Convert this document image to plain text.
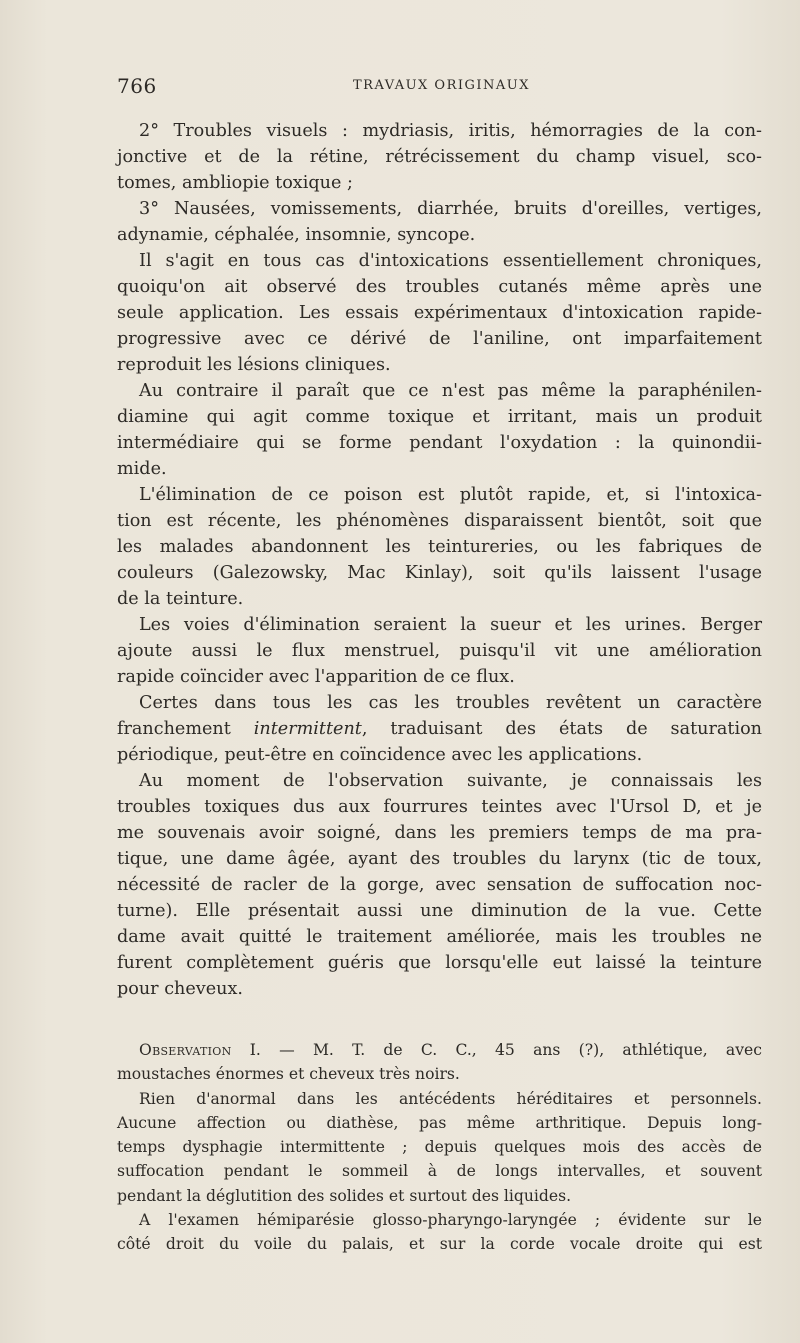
766	TRAVAUX ORIGINAUX

2° Troubles visuels : mydriasis, iritis, hémorragies de la con-
jonctive et de la rétine, rétrécissement du champ visuel, sco-
tomes, ambliopie toxique ;

3° Nausées, vomissements, diarrhée, bruits d'oreilles, vertiges,
adynamie, céphalée, insomnie, syncope.

Il s'agit en tous cas d'intoxications essentiellement chroniques,
quoiqu'on ait observé des troubles cutanés même après une
seule application. Les essais expérimentaux d'intoxication rapide-
progressive avec ce dérivé de l'aniline, ont imparfaitement
reproduit les lésions cliniques.

Au contraire il paraît que ce n'est pas même la paraphénilen-
diamine qui agit comme toxique et irritant, mais un produit
intermédiaire qui se forme pendant l'oxydation : la quinondii-
mide.

L'élimination de ce poison est plutôt rapide, et, si l'intoxica-
tion est récente, les phénomènes disparaissent bientôt, soit que
les malades abandonnent les teintureries, ou les fabriques de
couleurs (Galezowsky, Mac Kinlay), soit qu'ils laissent l'usage
de la teinture.

Les voies d'élimination seraient la sueur et les urines. Berger
ajoute aussi le flux menstruel, puisqu'il vit une amélioration
rapide coïncider avec l'apparition de ce flux.

Certes dans tous les cas les troubles revêtent un caractère
franchement intermittent, traduisant des états de saturation
périodique, peut-être en coïncidence avec les applications.

Au moment de l'observation suivante, je connaissais les
troubles toxiques dus aux fourrures teintes avec l'Ursol D, et je
me souvenais avoir soigné, dans les premiers temps de ma pra-
tique, une dame âgée, ayant des troubles du larynx (tic de toux,
nécessité de racler de la gorge, avec sensation de suffocation noc-
turne). Elle présentait aussi une diminution de la vue. Cette
dame avait quitté le traitement améliorée, mais les troubles ne
furent complètement guéris que lorsqu'elle eut laissé la teinture
pour cheveux.

Observation I. — M. T. de C. C., 45 ans (?), athlétique, avec
moustaches énormes et cheveux très noirs.

Rien d'anormal dans les antécédents héréditaires et personnels.
Aucune affection ou diathèse, pas même arthritique. Depuis long-
temps dysphagie intermittente ; depuis quelques mois des accès de
suffocation pendant le sommeil à de longs intervalles, et souvent
pendant la déglutition des solides et surtout des liquides.

A l'examen hémiparésie glosso-pharyngo-laryngée ; évidente sur le
côté droit du voile du palais, et sur la corde vocale droite qui est
